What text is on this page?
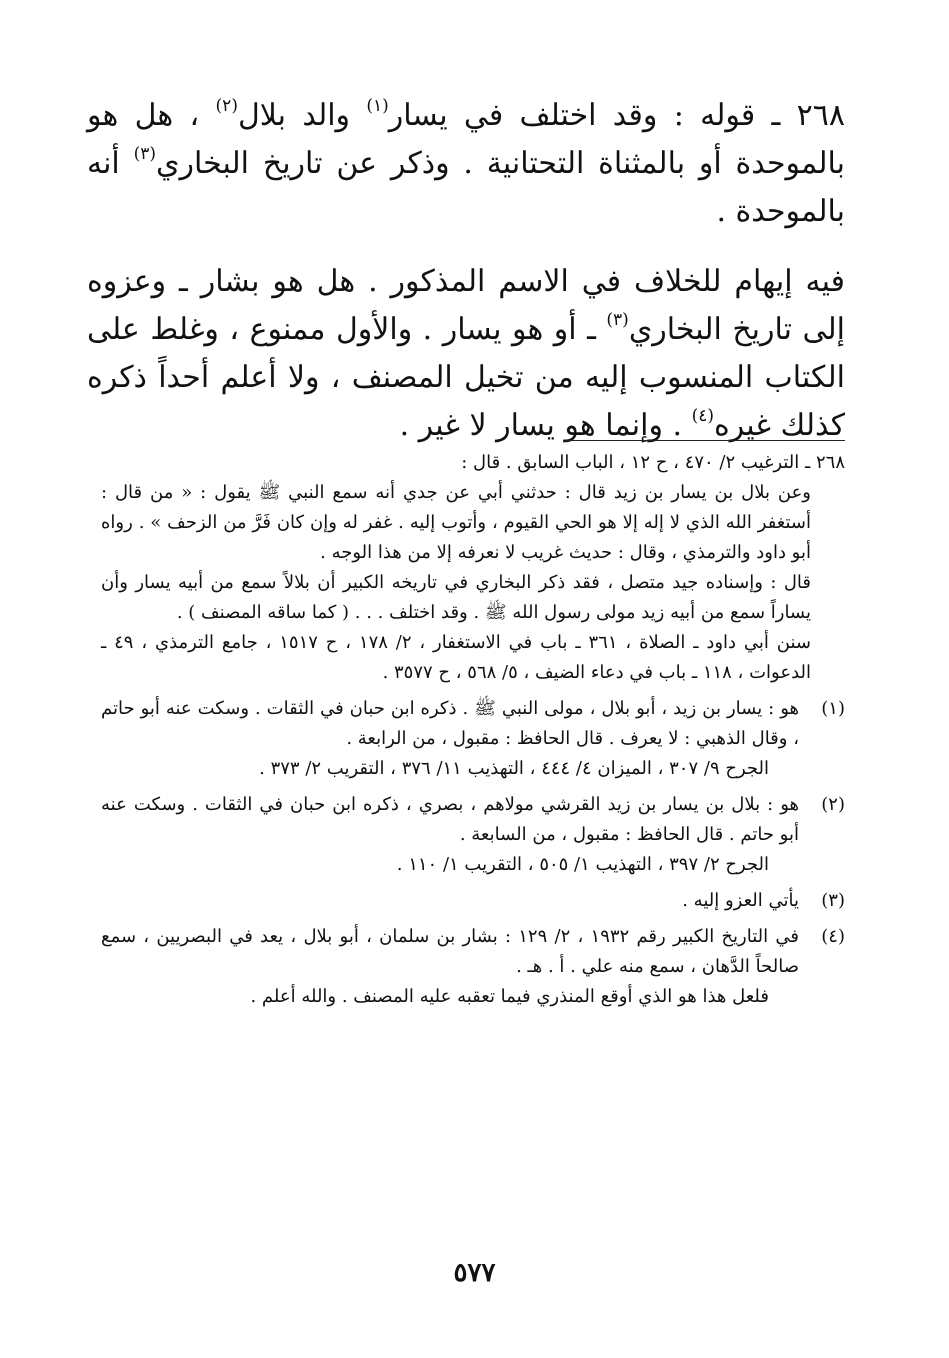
٢٦٨ ـ قوله : وقد اختلف في يسار$^{(١)}$ والد بلال$^{(٢)}$ ، هل هو بالموحدة أو بالمثناة التحتانية . وذكر عن تاريخ البخاري$^{(٣)}$ أنه بالموحدة .

فيه إيهام للخلاف في الاسم المذكور . هل هو بشار ـ وعزوه إلى تاريخ البخاري$^{(٣)}$ ـ أو هو يسار . والأول ممنوع ، وغلط على الكتاب المنسوب إليه من تخيل المصنف ، ولا أعلم أحداً ذكره كذلك غيره$^{(٤)}$ . وإنما هو يسار لا غير .

٢٦٨ ـ الترغيب ٢/ ٤٧٠ ، ح ١٢ ، الباب السابق . قال :

وعن بلال بن يسار بن زيد قال : حدثني أبي عن جدي أنه سمع النبي ﷺ يقول : « من قال : أستغفر الله الذي لا إله إلا هو الحي القيوم ، وأتوب إليه . غفر له وإن كان فَرَّ من الزحف » . رواه أبو داود والترمذي ، وقال : حديث غريب لا نعرفه إلا من هذا الوجه .

قال : وإسناده جيد متصل ، فقد ذكر البخاري في تاريخه الكبير أن بلالاً سمع من أبيه يسار وأن يساراً سمع من أبيه زيد مولى رسول الله ﷺ . وقد اختلف . . . ( كما ساقه المصنف ) .

سنن أبي داود ـ الصلاة ، ٣٦١ ـ باب في الاستغفار ، ٢/ ١٧٨ ، ح ١٥١٧ ، جامع الترمذي ، ٤٩ ـ الدعوات ، ١١٨ ـ باب في دعاء الضيف ، ٥/ ٥٦٨ ، ح ٣٥٧٧ .

(١)

هو : يسار بن زيد ، أبو بلال ، مولى النبي ﷺ . ذكره ابن حبان في الثقات . وسكت عنه أبو حاتم ، وقال الذهبي : لا يعرف . قال الحافظ : مقبول ، من الرابعة .

الجرح ٩/ ٣٠٧ ، الميزان ٤/ ٤٤٤ ، التهذيب ١١/ ٣٧٦ ، التقريب ٢/ ٣٧٣ .

(٢)

هو : بلال بن يسار بن زيد القرشي مولاهم ، بصري ، ذكره ابن حبان في الثقات . وسكت عنه أبو حاتم . قال الحافظ : مقبول ، من السابعة .

الجرح ٢/ ٣٩٧ ، التهذيب ١/ ٥٠٥ ، التقريب ١/ ١١٠ .

(٣)

يأتي العزو إليه .

(٤)

في التاريخ الكبير رقم ١٩٣٢ ، ٢/ ١٢٩ : بشار بن سلمان ، أبو بلال ، يعد في البصريين ، سمع صالحاً الدَّهان ، سمع منه علي . أ . هـ .

فلعل هذا هو الذي أوقع المنذري فيما تعقبه عليه المصنف . والله أعلم .

٥٧٧
